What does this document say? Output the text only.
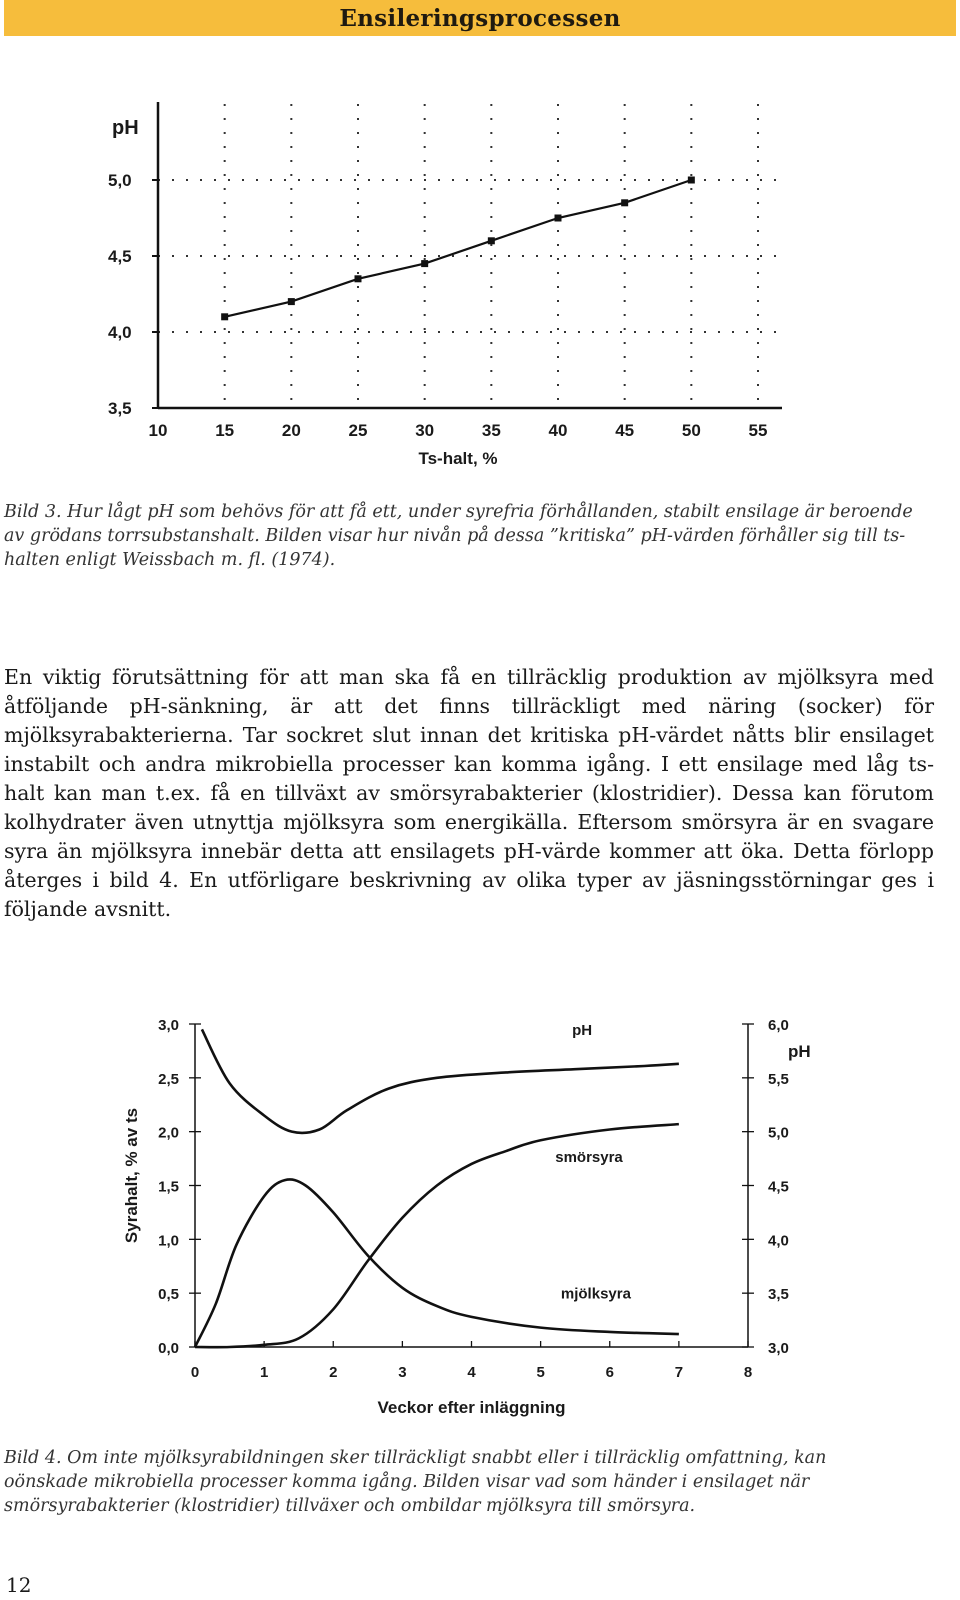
Ensileringsprocessen
3,5
4,0
4,5
5,0
10	15	20	25	30	35	40	45	50	55
pH
Ts-halt, %
Bild 3. Hur lågt pH som behövs för att få ett, under syrefria förhållanden, stabilt ensilage är beroende av grödans torrsubstanshalt. Bilden visar hur nivån på dessa ”kritiska” pH-värden förhåller sig till ts-halten enligt Weissbach m. fl. (1974).
En viktig förutsättning för att man ska få en tillräcklig produktion av mjölksyra med åtföljande pH-sänkning, är att det finns tillräckligt med näring (socker) för mjölksyrabakterierna. Tar sockret slut innan det kritiska pH-värdet nåtts blir ensilaget instabilt och andra mikrobiella processer kan komma igång. I ett ensilage med låg ts-halt kan man t.ex. få en tillväxt av smörsyrabakterier (klostridier). Dessa kan förutom kolhydrater även utnyttja mjölksyra som energikälla. Eftersom smörsyra är en svagare syra än mjölksyra innebär detta att ensilagets pH-värde kommer att öka. Detta förlopp återges i bild 4. En utförligare beskrivning av olika typer av jäsningsstörningar ges i följande avsnitt.
0,0
0,5
1,0
1,5
2,0
2,5
3,0
3,0
3,5
4,0
4,5
5,0
5,5
6,0
0	1	2	3	4	5	6	7	8
Syrahalt, % av ts
pH
Veckor efter inläggning
pH
smörsyra
mjölksyra
Bild 4. Om inte mjölksyrabildningen sker tillräckligt snabbt eller i tillräcklig omfattning, kan oönskade mikrobiella processer komma igång. Bilden visar vad som händer i ensilaget när smörsyrabakterier (klostridier) tillväxer och ombildar mjölksyra till smörsyra.
12
